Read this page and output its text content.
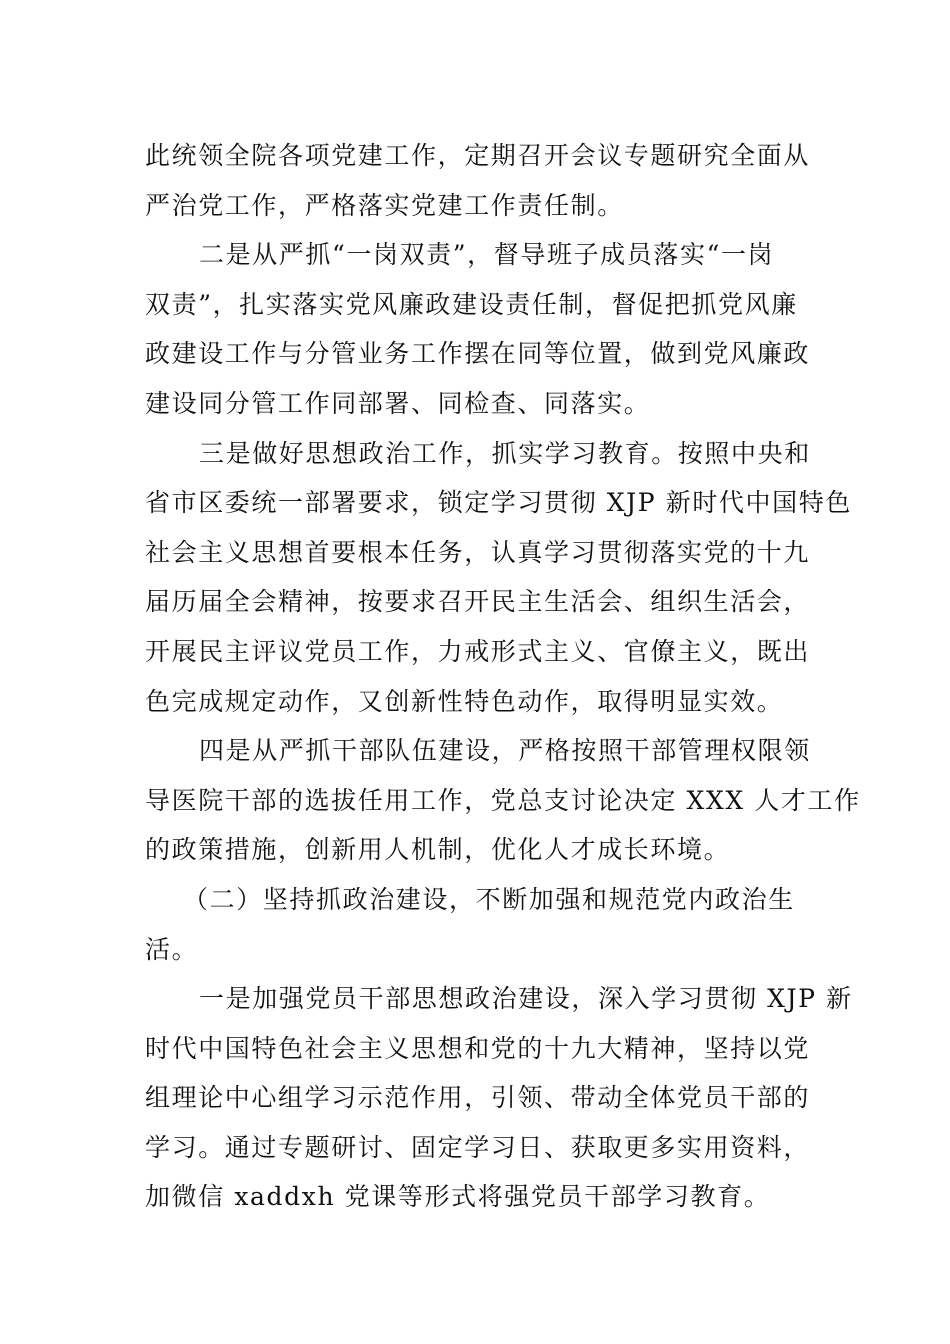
此统领全院各项党建工作，定期召开会议专题研究全面从
严治党工作，严格落实党建工作责任制。
二是从严抓“一岗双责”，督导班子成员落实“一岗
双责”，扎实落实党风廉政建设责任制，督促把抓党风廉
政建设工作与分管业务工作摆在同等位置，做到党风廉政
建设同分管工作同部署、同检查、同落实。
三是做好思想政治工作，抓实学习教育。按照中央和
省市区委统一部署要求，锁定学习贯彻 XJP 新时代中国特色
社会主义思想首要根本任务，认真学习贯彻落实党的十九
届历届全会精神，按要求召开民主生活会、组织生活会，
开展民主评议党员工作，力戒形式主义、官僚主义，既出
色完成规定动作，又创新性特色动作，取得明显实效。
四是从严抓干部队伍建设，严格按照干部管理权限领
导医院干部的选拔任用工作，党总支讨论决定 XXX 人才工作
的政策措施，创新用人机制，优化人才成长环境。
（二）坚持抓政治建设，不断加强和规范党内政治生
活。
一是加强党员干部思想政治建设，深入学习贯彻 XJP 新
时代中国特色社会主义思想和党的十九大精神，坚持以党
组理论中心组学习示范作用，引领、带动全体党员干部的
学习。通过专题研讨、固定学习日、获取更多实用资料，
加微信 xaddxh 党课等形式将强党员干部学习教育。
